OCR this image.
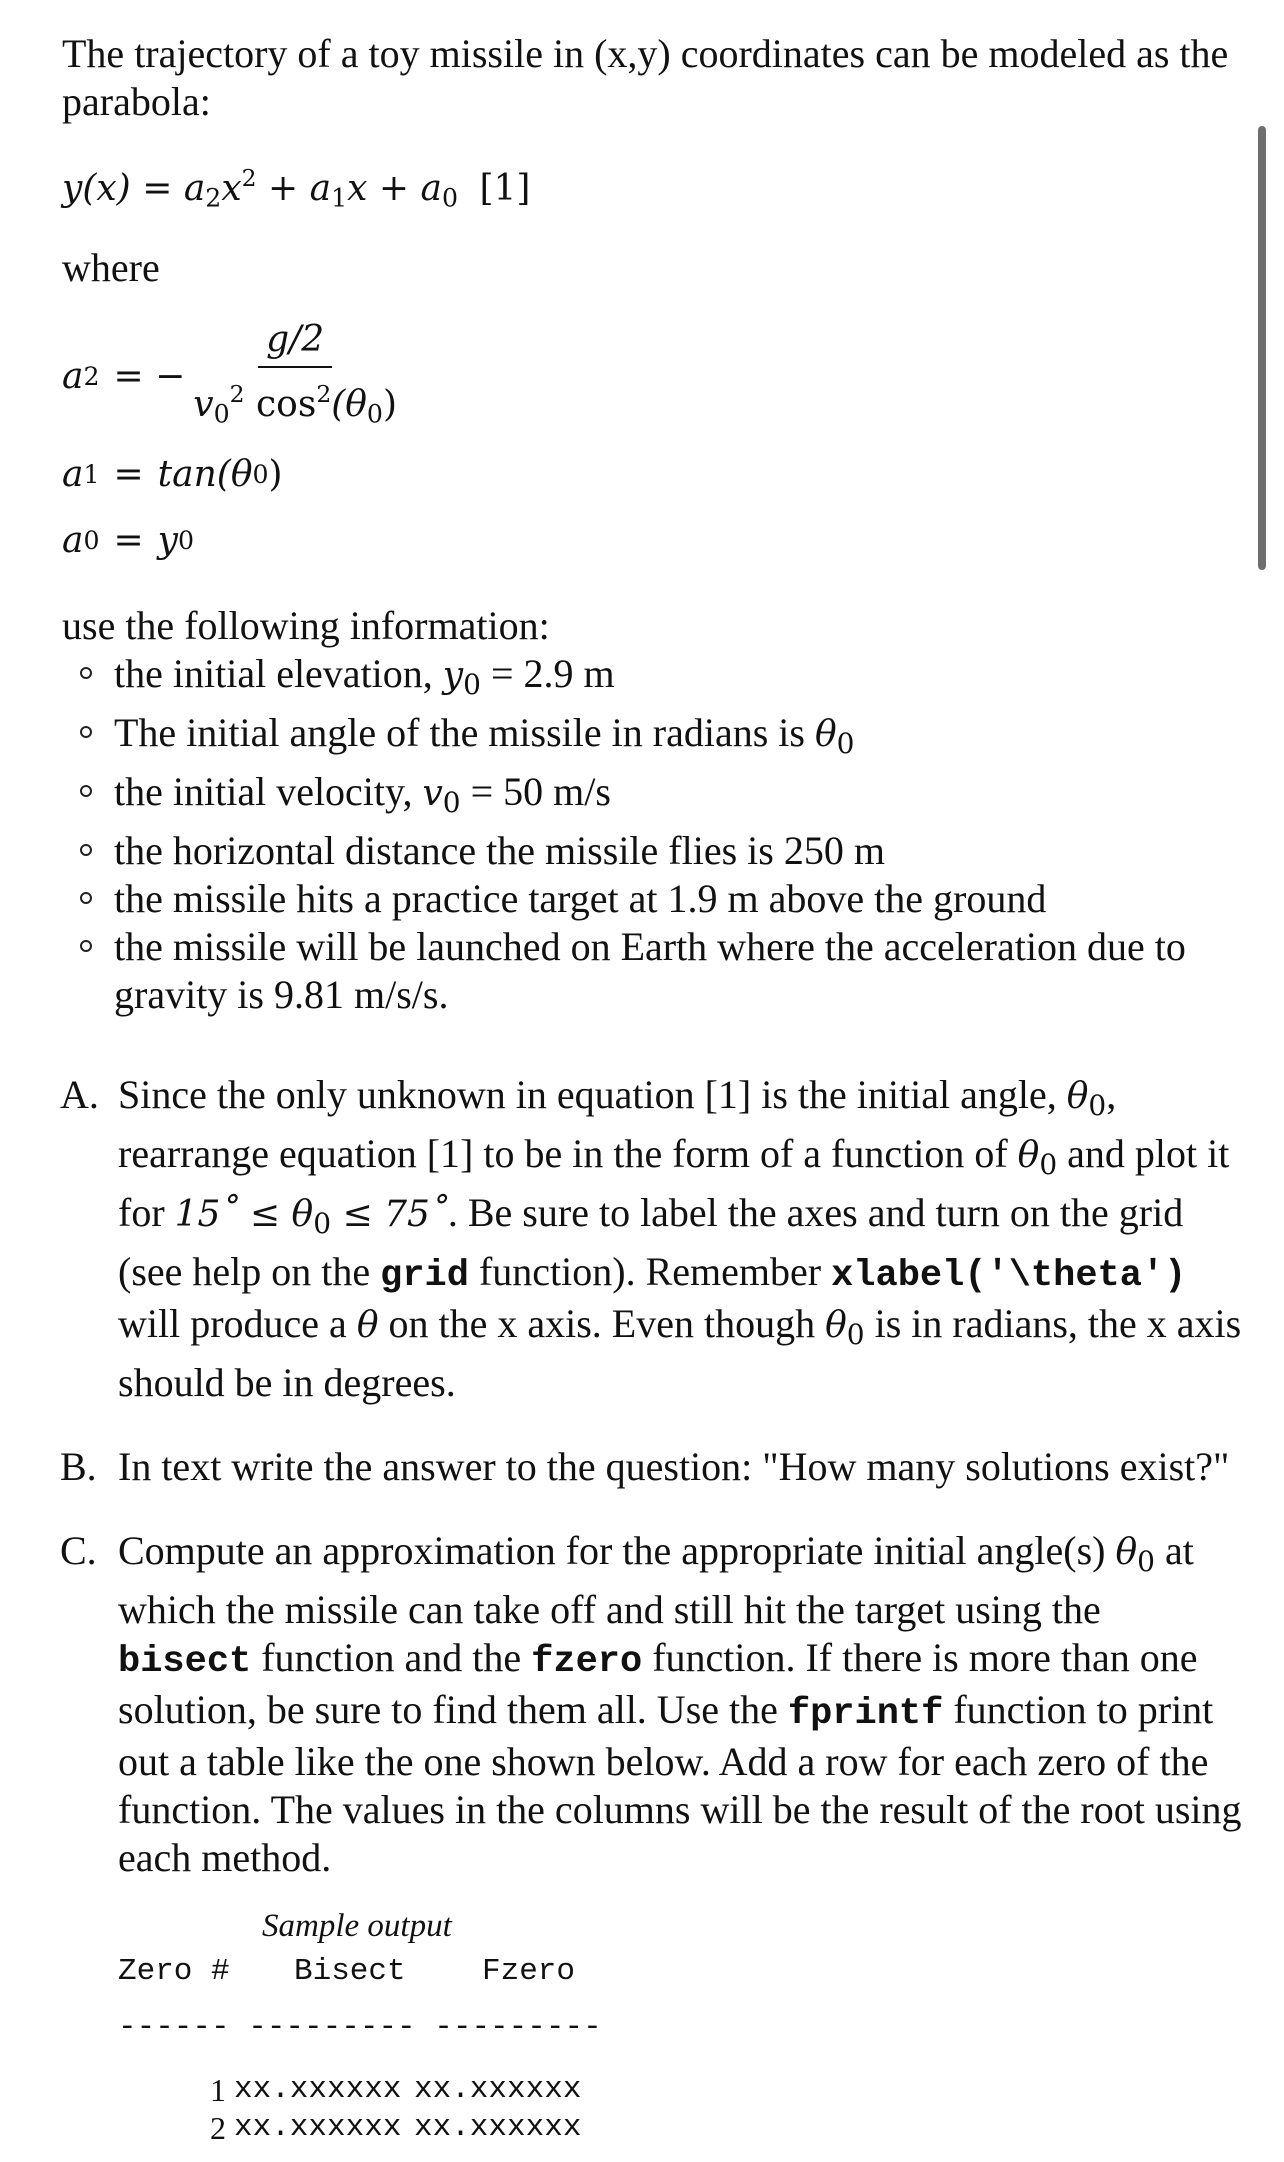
The trajectory of a toy missile in (x,y) coordinates can be modeled as the parabola:

$y(x) = a_2x^2 + a_1x + a_0$ [1]

where

a 2 = − $\frac{g/2}{v_0^2 \cos^2(\theta_0)}$
a 1 = tan(θ 0 )
a 0 = y 0

use the following information:

the initial elevation, $y_0 = 2.9$ m
The initial angle of the missile in radians is $\theta_0$
the initial velocity, $v_0 = 50$ m/s
the horizontal distance the missile flies is 250 m
the missile hits a practice target at 1.9 m above the ground
the missile will be launched on Earth where the acceleration due to gravity is 9.81 m/s/s.
A. Since the only unknown in equation [1] is the initial angle, $\theta_0$, rearrange equation [1] to be in the form of a function of $\theta_0$ and plot it for 15˚ ≤ $\theta_0$ ≤ 75˚. Be sure to label the axes and turn on the grid (see help on the grid function). Remember xlabel('\theta') will produce a θ on the x axis. Even though $\theta_0$ is in radians, the x axis should be in degrees.
B. In text write the answer to the question: "How many solutions exist?"
C. Compute an approximation for the appropriate initial angle(s) $\theta_0$ at which the missile can take off and still hit the target using the bisect function and the fzero function. If there is more than one solution, be sure to find them all. Use the fprintf function to print out a table like the one shown below. Add a row for each zero of the function. The values in the columns will be the result of the root using each method.
Sample output
Zero # Bisect Fzero
------ --------- ---------
1 xx.xxxxxx xx.xxxxxx
2 xx.xxxxxx xx.xxxxxx
